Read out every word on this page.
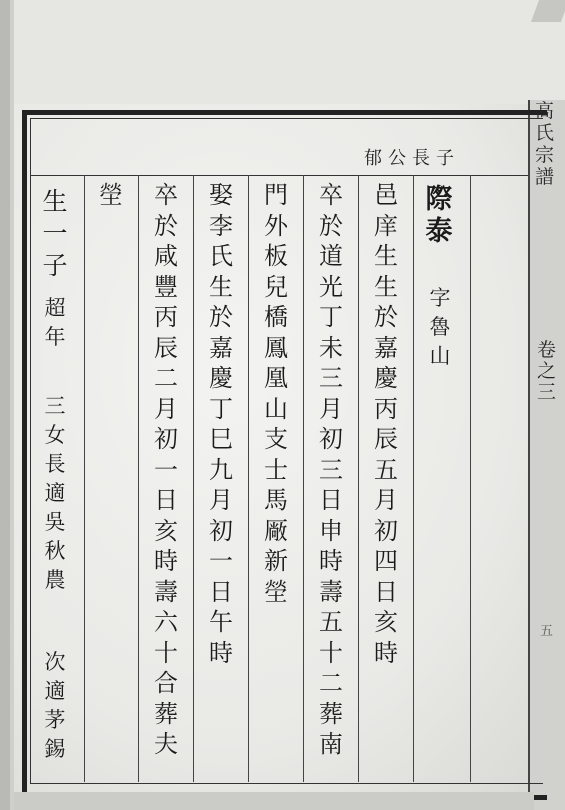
高氏宗譜
卷之三
五
郁公長子
際泰
字魯山
邑庠生生於嘉慶丙辰五月初四日亥時
卒於道光丁未三月初三日申時壽五十二葬南
門外板兒橋鳳凰山支士馬厰新塋
娶李氏生於嘉慶丁巳九月初一日午時
卒於咸豐丙辰二月初一日亥時壽六十合葬夫
塋
生一子
超年
三女長適吳秋農
次適茅錫
